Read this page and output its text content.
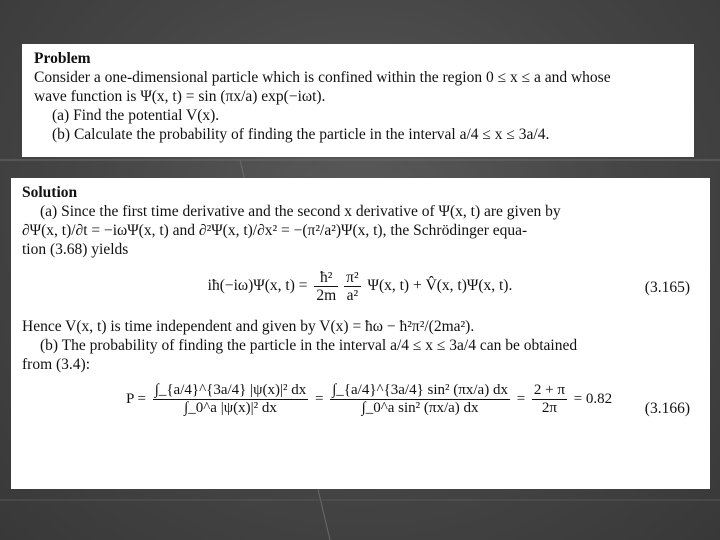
Problem
Consider a one-dimensional particle which is confined within the region 0 ≤ x ≤ a and whose
wave function is Ψ(x, t) = sin (πx/a) exp(−iωt).
(a) Find the potential V(x).
(b) Calculate the probability of finding the particle in the interval a/4 ≤ x ≤ 3a/4.
Solution
(a) Since the first time derivative and the second x derivative of Ψ(x, t) are given by
∂Ψ(x, t)/∂t = −iωΨ(x, t) and ∂²Ψ(x, t)/∂x² = −(π²/a²)Ψ(x, t), the Schrödinger equa-
tion (3.68) yields
iħ(−iω)Ψ(x, $t) = \frac{\text{ħ²}}{2m} \frac{\text{π²}}{\text{a²}} \Psi(x$, t) + V̂(x, t)Ψ(x, t).	(3.165)
Hence V(x, t) is time independent and given by V(x) = ħω − ħ²π²/(2ma²).
(b) The probability of finding the particle in the interval a/4 ≤ x ≤ 3a/4 can be obtained
from (3.4):
$P = \frac{\text{∫\_\{a/4\}\textasciicircum{}\{3a/4\} |ψ(x)|² dx}}{\text{∫\_0\textasciicircum{}a |ψ(x)|² dx}} = \frac{\text{∫\_\{a/4\}\textasciicircum{}\{3a/4\} sin² (πx/a) dx}}{\text{∫\_0\textasciicircum{}a sin² (πx/a) dx}} = \frac{2 + \pi}{2\pi} = 0.82$
(3.166)
